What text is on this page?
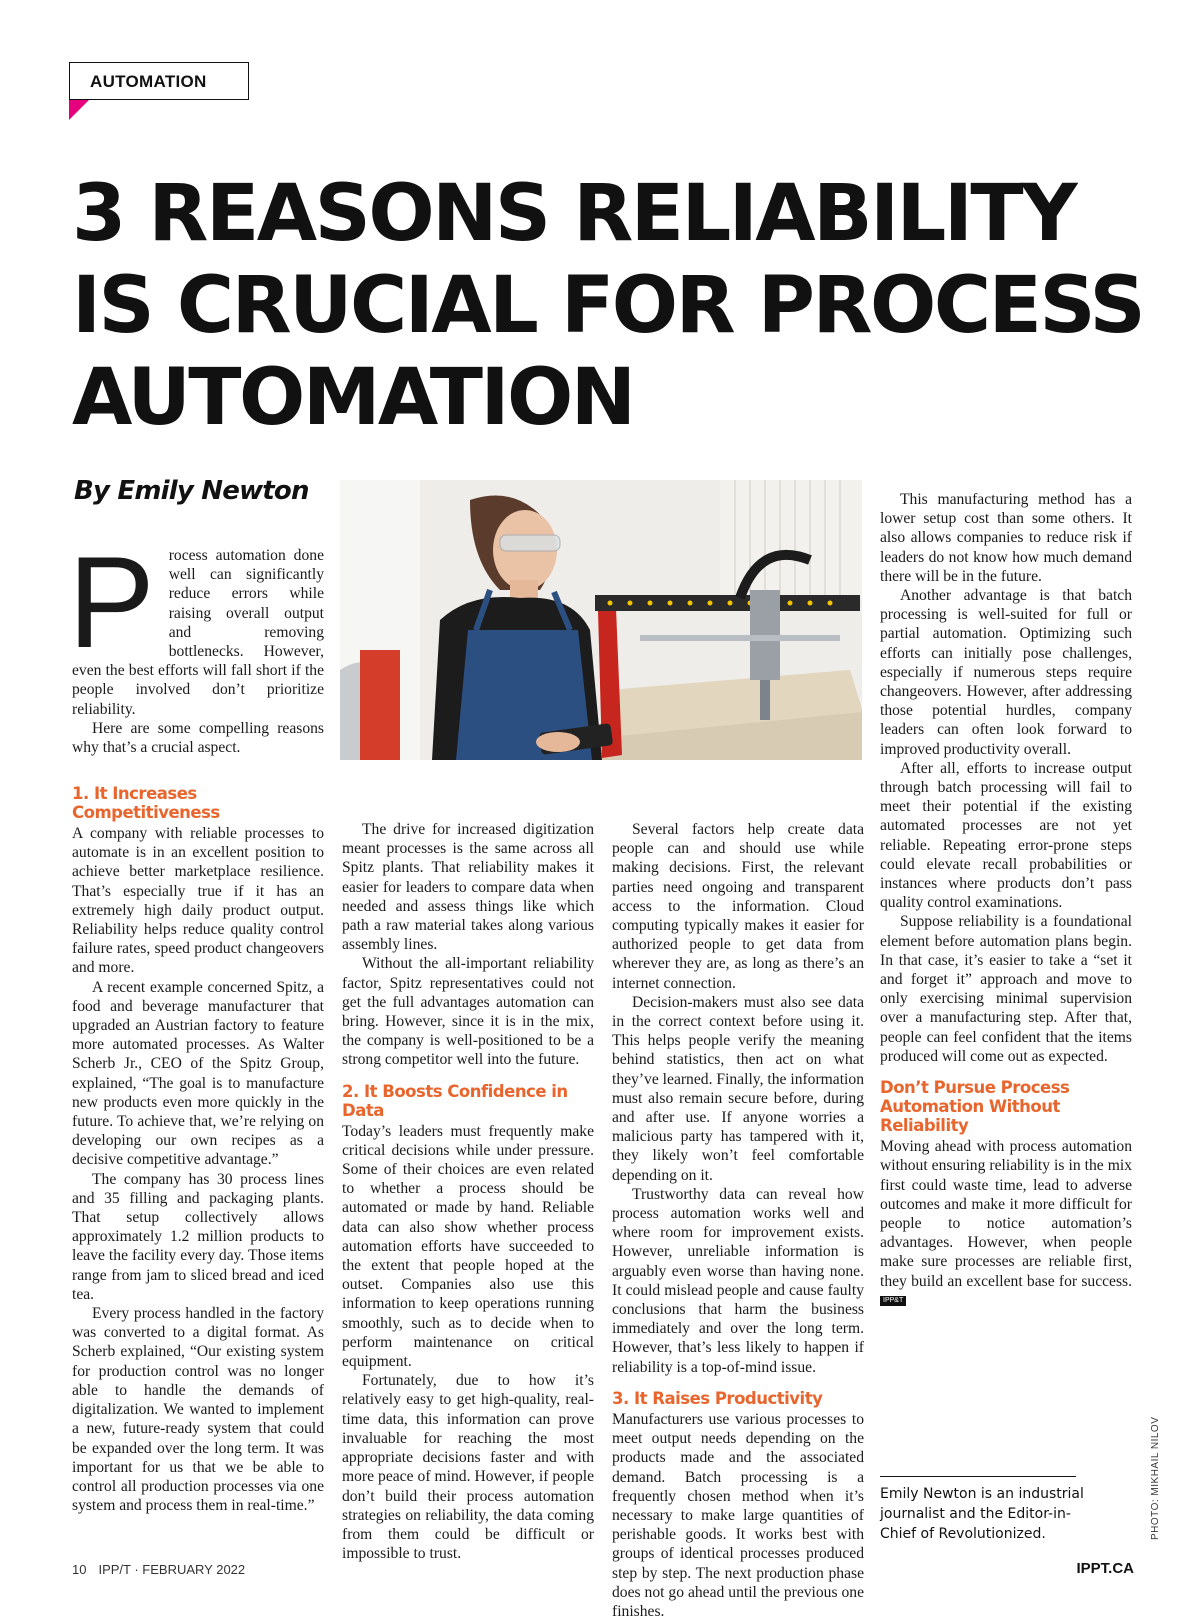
AUTOMATION
3 REASONS RELIABILITY IS CRUCIAL FOR PROCESS AUTOMATION
By Emily Newton

Process automation done well can significantly reduce errors while raising overall output and removing bottlenecks. However, even the best efforts will fall short if the people involved don’t prioritize reliability.

Here are some compelling reasons why that’s a crucial aspect.

1. It Increases Competitiveness

A company with reliable processes to automate is in an excellent position to achieve better marketplace resilience. That’s especially true if it has an extremely high daily product output. Reliability helps reduce quality control failure rates, speed product changeovers and more.

A recent example concerned Spitz, a food and beverage manufacturer that upgraded an Austrian factory to feature more automated processes. As Walter Scherb Jr., CEO of the Spitz Group, explained, “The goal is to manufacture new products even more quickly in the future. To achieve that, we’re relying on developing our own recipes as a decisive competitive advantage.”

The company has 30 process lines and 35 filling and packaging plants. That setup collectively allows approximately 1.2 million products to leave the facility every day. Those items range from jam to sliced bread and iced tea.

Every process handled in the factory was converted to a digital format. As Scherb explained, “Our existing system for production control was no longer able to handle the demands of digitalization. We wanted to implement a new, future-ready system that could be expanded over the long term. It was important for us that we be able to control all production processes via one system and process them in real-time.”

The drive for increased digitization meant processes is the same across all Spitz plants. That reliability makes it easier for leaders to compare data when needed and assess things like which path a raw material takes along various assembly lines.

Without the all-important reliability factor, Spitz representatives could not get the full advantages automation can bring. However, since it is in the mix, the company is well-positioned to be a strong competitor well into the future.

2. It Boosts Confidence in Data

Today’s leaders must frequently make critical decisions while under pressure. Some of their choices are even related to whether a process should be automated or made by hand. Reliable data can also show whether process automation efforts have succeeded to the extent that people hoped at the outset. Companies also use this information to keep operations running smoothly, such as to decide when to perform maintenance on critical equipment.

Fortunately, due to how it’s relatively easy to get high-quality, real-time data, this information can prove invaluable for reaching the most appropriate decisions faster and with more peace of mind. However, if people don’t build their process automation strategies on reliability, the data coming from them could be difficult or impossible to trust.

Several factors help create data people can and should use while making decisions. First, the relevant parties need ongoing and transparent access to the information. Cloud computing typically makes it easier for authorized people to get data from wherever they are, as long as there’s an internet connection.

Decision-makers must also see data in the correct context before using it. This helps people verify the meaning behind statistics, then act on what they’ve learned. Finally, the information must also remain secure before, during and after use. If anyone worries a malicious party has tampered with it, they likely won’t feel comfortable depending on it.

Trustworthy data can reveal how process automation works well and where room for improvement exists. However, unreliable information is arguably even worse than having none. It could mislead people and cause faulty conclusions that harm the business immediately and over the long term. However, that’s less likely to happen if reliability is a top-of-mind issue.

3. It Raises Productivity

Manufacturers use various processes to meet output needs depending on the products made and the associated demand. Batch processing is a frequently chosen method when it’s necessary to make large quantities of perishable goods. It works best with groups of identical processes produced step by step. The next production phase does not go ahead until the previous one finishes.

This manufacturing method has a lower setup cost than some others. It also allows companies to reduce risk if leaders do not know how much demand there will be in the future.

Another advantage is that batch processing is well-suited for full or partial automation. Optimizing such efforts can initially pose challenges, especially if numerous steps require changeovers. However, after addressing those potential hurdles, company leaders can often look forward to improved productivity overall.

After all, efforts to increase output through batch processing will fail to meet their potential if the existing automated processes are not yet reliable. Repeating error-prone steps could elevate recall probabilities or instances where products don’t pass quality control examinations.

Suppose reliability is a foundational element before automation plans begin. In that case, it’s easier to take a “set it and forget it” approach and move to only exercising minimal supervision over a manufacturing step. After that, people can feel confident that the items produced will come out as expected.

Don’t Pursue Process Automation Without Reliability

Moving ahead with process automation without ensuring reliability is in the mix first could waste time, lead to adverse outcomes and make it more difficult for people to notice automation’s advantages. However, when people make sure processes are reliable first, they build an excellent base for success. IPP&T

Emily Newton is an industrial journalist and the Editor-in-Chief of Revolutionized.	PHOTO: MIKHAIL NILOV
10 IPP/T · FEBRUARY 2022	IPPT.CA
